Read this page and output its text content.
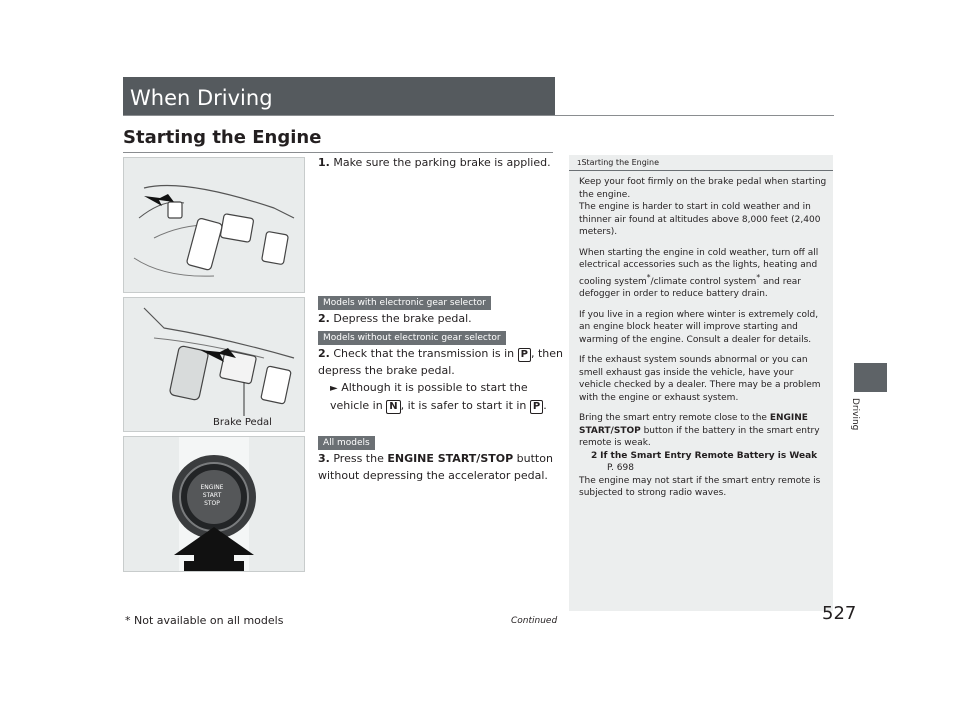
When Driving
Starting the Engine
Brake Pedal
ENGINE
START
STOP
1. Make sure the parking brake is applied.
Models with electronic gear selector
2. Depress the brake pedal.
Models without electronic gear selector
2. Check that the transmission is in P , then depress the brake pedal.
► Although it is possible to start the vehicle in N , it is safer to start it in P .
All models
3. Press the ENGINE START/STOP button without depressing the accelerator pedal.
1Starting the Engine
Keep your foot firmly on the brake pedal when starting the engine.
The engine is harder to start in cold weather and in thinner air found at altitudes above 8,000 feet (2,400 meters).
When starting the engine in cold weather, turn off all electrical accessories such as the lights, heating and cooling system*/climate control system* and rear defogger in order to reduce battery drain.
If you live in a region where winter is extremely cold, an engine block heater will improve starting and warming of the engine. Consult a dealer for details.
If the exhaust system sounds abnormal or you can smell exhaust gas inside the vehicle, have your vehicle checked by a dealer. There may be a problem with the engine or exhaust system.
Bring the smart entry remote close to the ENGINE START/STOP button if the battery in the smart entry remote is weak.
2 If the Smart Entry Remote Battery is Weak
P. 698
The engine may not start if the smart entry remote is subjected to strong radio waves.
Driving
* Not available on all models	Continued	527
